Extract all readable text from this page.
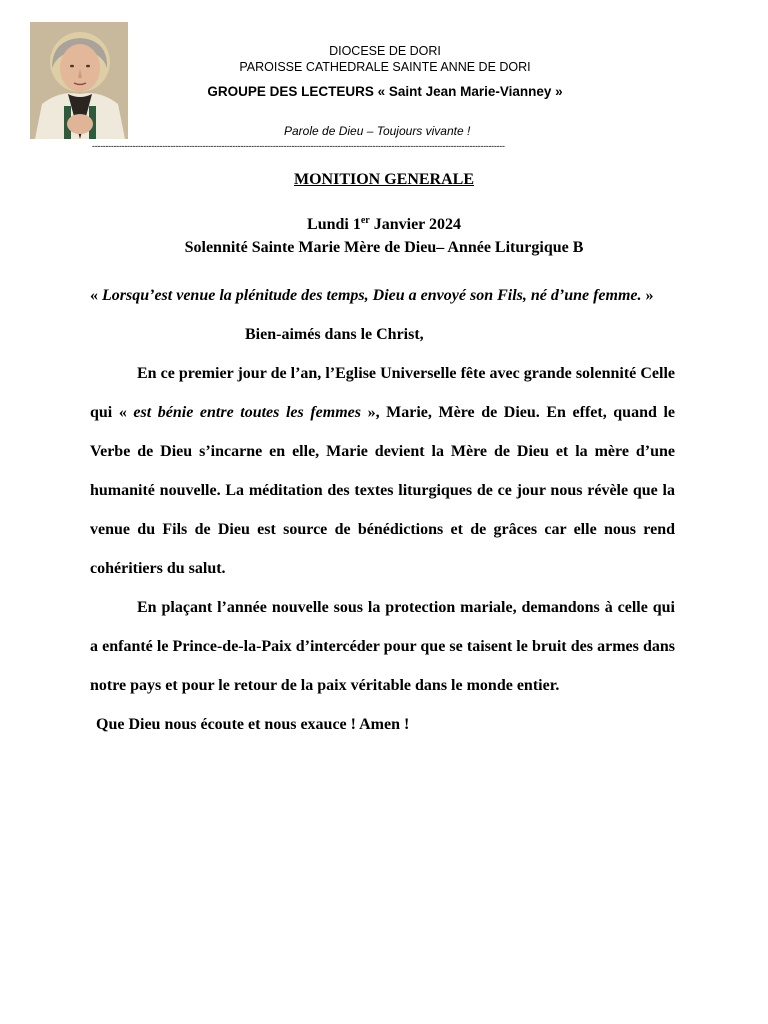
DIOCESE DE DORI
PAROISSE CATHEDRALE SAINTE ANNE DE DORI
GROUPE DES LECTEURS « Saint Jean Marie-Vianney »
Parole de Dieu – Toujours vivante !
---------------------------------------------------------------------------------------------------------------------------------------------------------
MONITION GENERALE
Lundi 1er Janvier 2024
Solennité Sainte Marie Mère de Dieu– Année Liturgique B

« Lorsqu’est venue la plénitude des temps, Dieu a envoyé son Fils, né d’une femme. »

Bien-aimés dans le Christ,

En ce premier jour de l’an, l’Eglise Universelle fête avec grande solennité Celle qui « est bénie entre toutes les femmes », Marie, Mère de Dieu. En effet, quand le Verbe de Dieu s’incarne en elle, Marie devient la Mère de Dieu et la mère d’une humanité nouvelle. La méditation des textes liturgiques de ce jour nous révèle que la venue du Fils de Dieu est source de bénédictions et de grâces car elle nous rend cohéritiers du salut.

En plaçant l’année nouvelle sous la protection mariale, demandons à celle qui a enfanté le Prince-de-la-Paix d’intercéder pour que se taisent le bruit des armes dans notre pays et pour le retour de la paix véritable dans le monde entier.

Que Dieu nous écoute et nous exauce ! Amen !
